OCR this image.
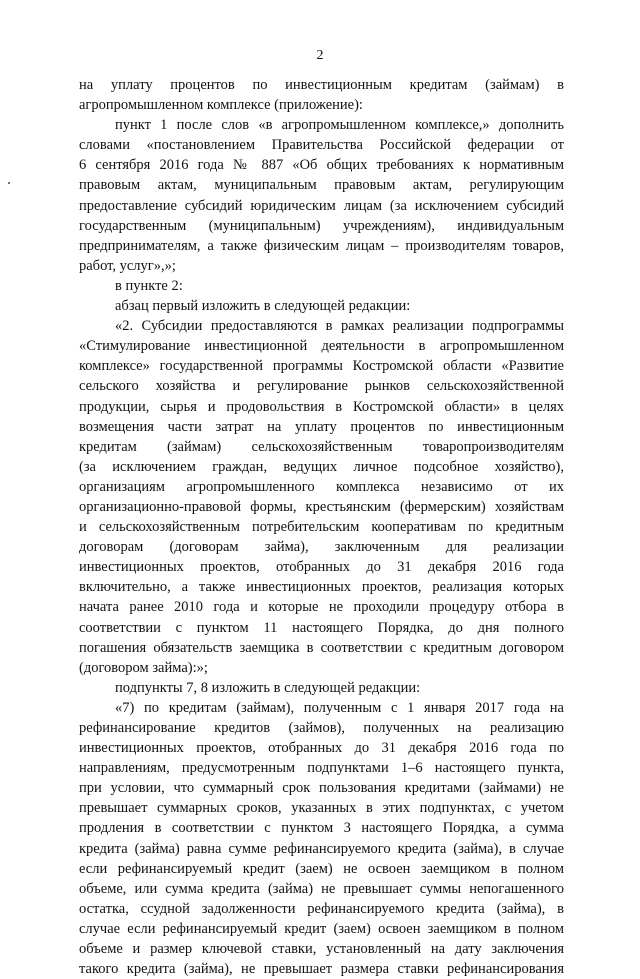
2
на уплату процентов по инвестиционным кредитам (займам) в
агропромышленном комплексе (приложение):
пункт 1 после слов «в агропромышленном комплексе,» дополнить
словами «постановлением Правительства Российской федерации от
6 сентября 2016 года № 887 «Об общих требованиях к нормативным
правовым актам, муниципальным правовым актам, регулирующим
предоставление субсидий юридическим лицам (за исключением субсидий
государственным (муниципальным) учреждениям), индивидуальным
предпринимателям, а также физическим лицам – производителям товаров,
работ, услуг»,»;
в пункте 2:
абзац первый изложить в следующей редакции:
«2. Субсидии предоставляются в рамках реализации подпрограммы
«Стимулирование инвестиционной деятельности в агропромышленном
комплексе» государственной программы Костромской области «Развитие
сельского хозяйства и регулирование рынков сельскохозяйственной
продукции, сырья и продовольствия в Костромской области» в целях
возмещения части затрат на уплату процентов по инвестиционным
кредитам (займам) сельскохозяйственным товаропроизводителям
(за исключением граждан, ведущих личное подсобное хозяйство),
организациям агропромышленного комплекса независимо от их
организационно-правовой формы, крестьянским (фермерским) хозяйствам
и сельскохозяйственным потребительским кооперативам по кредитным
договорам (договорам займа), заключенным для реализации
инвестиционных проектов, отобранных до 31 декабря 2016 года
включительно, а также инвестиционных проектов, реализация которых
начата ранее 2010 года и которые не проходили процедуру отбора в
соответствии с пунктом 11 настоящего Порядка, до дня полного
погашения обязательств заемщика в соответствии с кредитным договором
(договором займа):»;
подпункты 7, 8 изложить в следующей редакции:
«7) по кредитам (займам), полученным с 1 января 2017 года на
рефинансирование кредитов (займов), полученных на реализацию
инвестиционных проектов, отобранных до 31 декабря 2016 года по
направлениям, предусмотренным подпунктами 1–6 настоящего пункта,
при условии, что суммарный срок пользования кредитами (займами) не
превышает суммарных сроков, указанных в этих подпунктах, с учетом
продления в соответствии с пунктом 3 настоящего Порядка, а сумма
кредита (займа) равна сумме рефинансируемого кредита (займа), в случае
если рефинансируемый кредит (заем) не освоен заемщиком в полном
объеме, или сумма кредита (займа) не превышает суммы непогашенного
остатка, ссудной задолженности рефинансируемого кредита (займа), в
случае если рефинансируемый кредит (заем) освоен заемщиком в полном
объеме и размер ключевой ставки, установленный на дату заключения
такого кредита (займа), не превышает размера ставки рефинансирования
